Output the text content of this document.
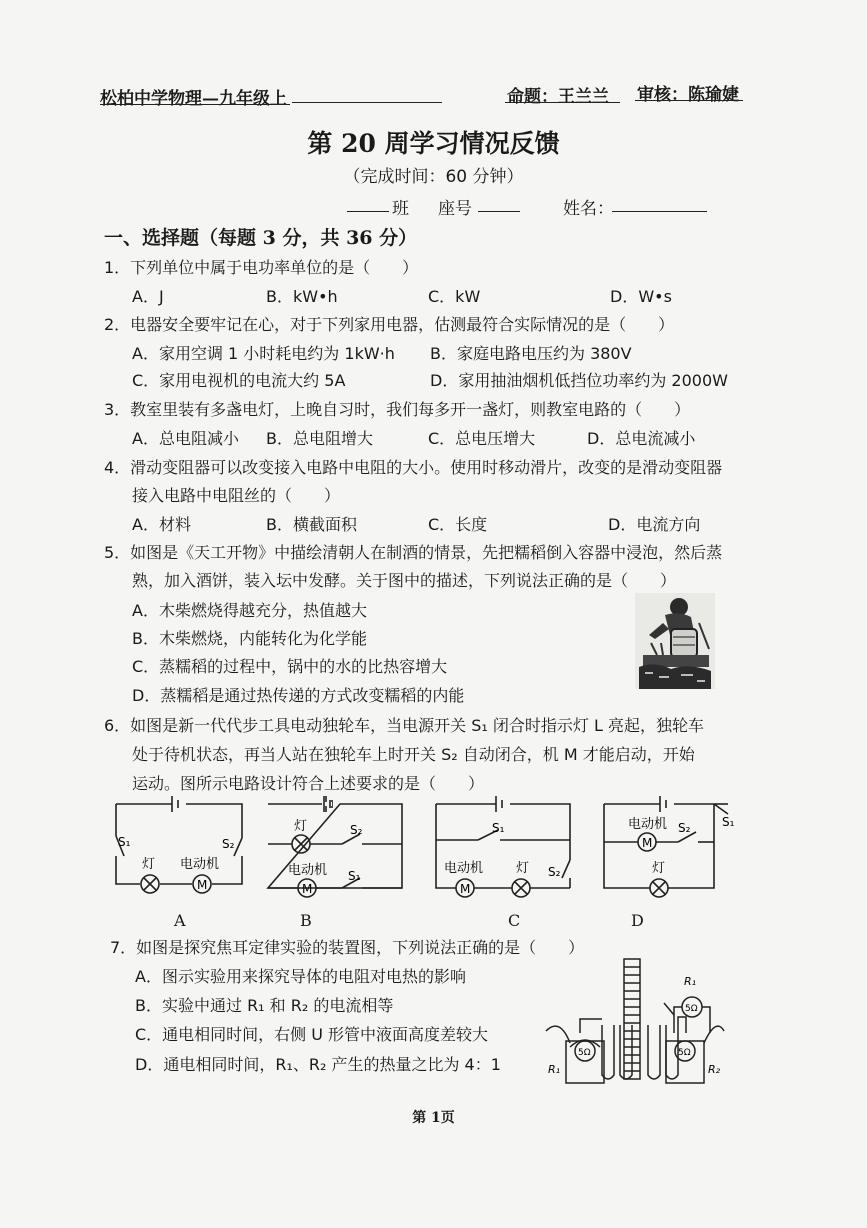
松柏中学物理—九年级上	命题：王兰兰 审核：陈瑜婕
第 20 周学习情况反馈
（完成时间：60 分钟）
班 座号	姓名：
一、选择题（每题 3 分，共 36 分）
1．下列单位中属于电功率单位的是（　　）
A．J	B．kW•h	C．kW	D．W•s
2．电器安全要牢记在心，对于下列家用电器，估测最符合实际情况的是（　　）
A．家用空调 1 小时耗电约为 1kW·h B．家庭电路电压约为 380V
C．家用电视机的电流大约 5A	D．家用抽油烟机低挡位功率约为 2000W
3．教室里装有多盏电灯，上晚自习时，我们每多开一盏灯，则教室电路的（　　）
A．总电阻减小 B．总电阻增大	C．总电压增大	D．总电流减小
4．滑动变阻器可以改变接入电路中电阻的大小。使用时移动滑片，改变的是滑动变阻器
接入电路中电阻丝的（　　）
A．材料	B．横截面积	C．长度	D．电流方向
5．如图是《天工开物》中描绘清朝人在制酒的情景，先把糯稻倒入容器中浸泡，然后蒸
熟，加入酒饼，装入坛中发酵。关于图中的描述，下列说法正确的是（　　）
A．木柴燃烧得越充分，热值越大
B．木柴燃烧，内能转化为化学能
C．蒸糯稻的过程中，锅中的水的比热容增大
D．蒸糯稻是通过热传递的方式改变糯稻的内能
6．如图是新一代代步工具电动独轮车，当电源开关 S₁ 闭合时指示灯 L 亮起，独轮车
处于待机状态，再当人站在独轮车上时开关 S₂ 自动闭合，机 M 才能启动，开始
运动。图所示电路设计符合上述要求的是（　　）
M
S₁	S₂
灯 电动机
A
M
灯	S₂
电动机 S₁
B
M
S₁
电动机	灯 S₂
C
M
电动机 S₂	S₁
灯
D
7．如图是探究焦耳定律实验的装置图，下列说法正确的是（　　）
A．图示实验用来探究导体的电阻对电热的影响
B．实验中通过 R₁ 和 R₂ 的电流相等
C．通电相同时间，右侧 U 形管中液面高度差较大
D．通电相同时间，R₁、R₂ 产生的热量之比为 4：1
5Ω	5Ω
5Ω
R₁
R₁	R₂
第 1页
